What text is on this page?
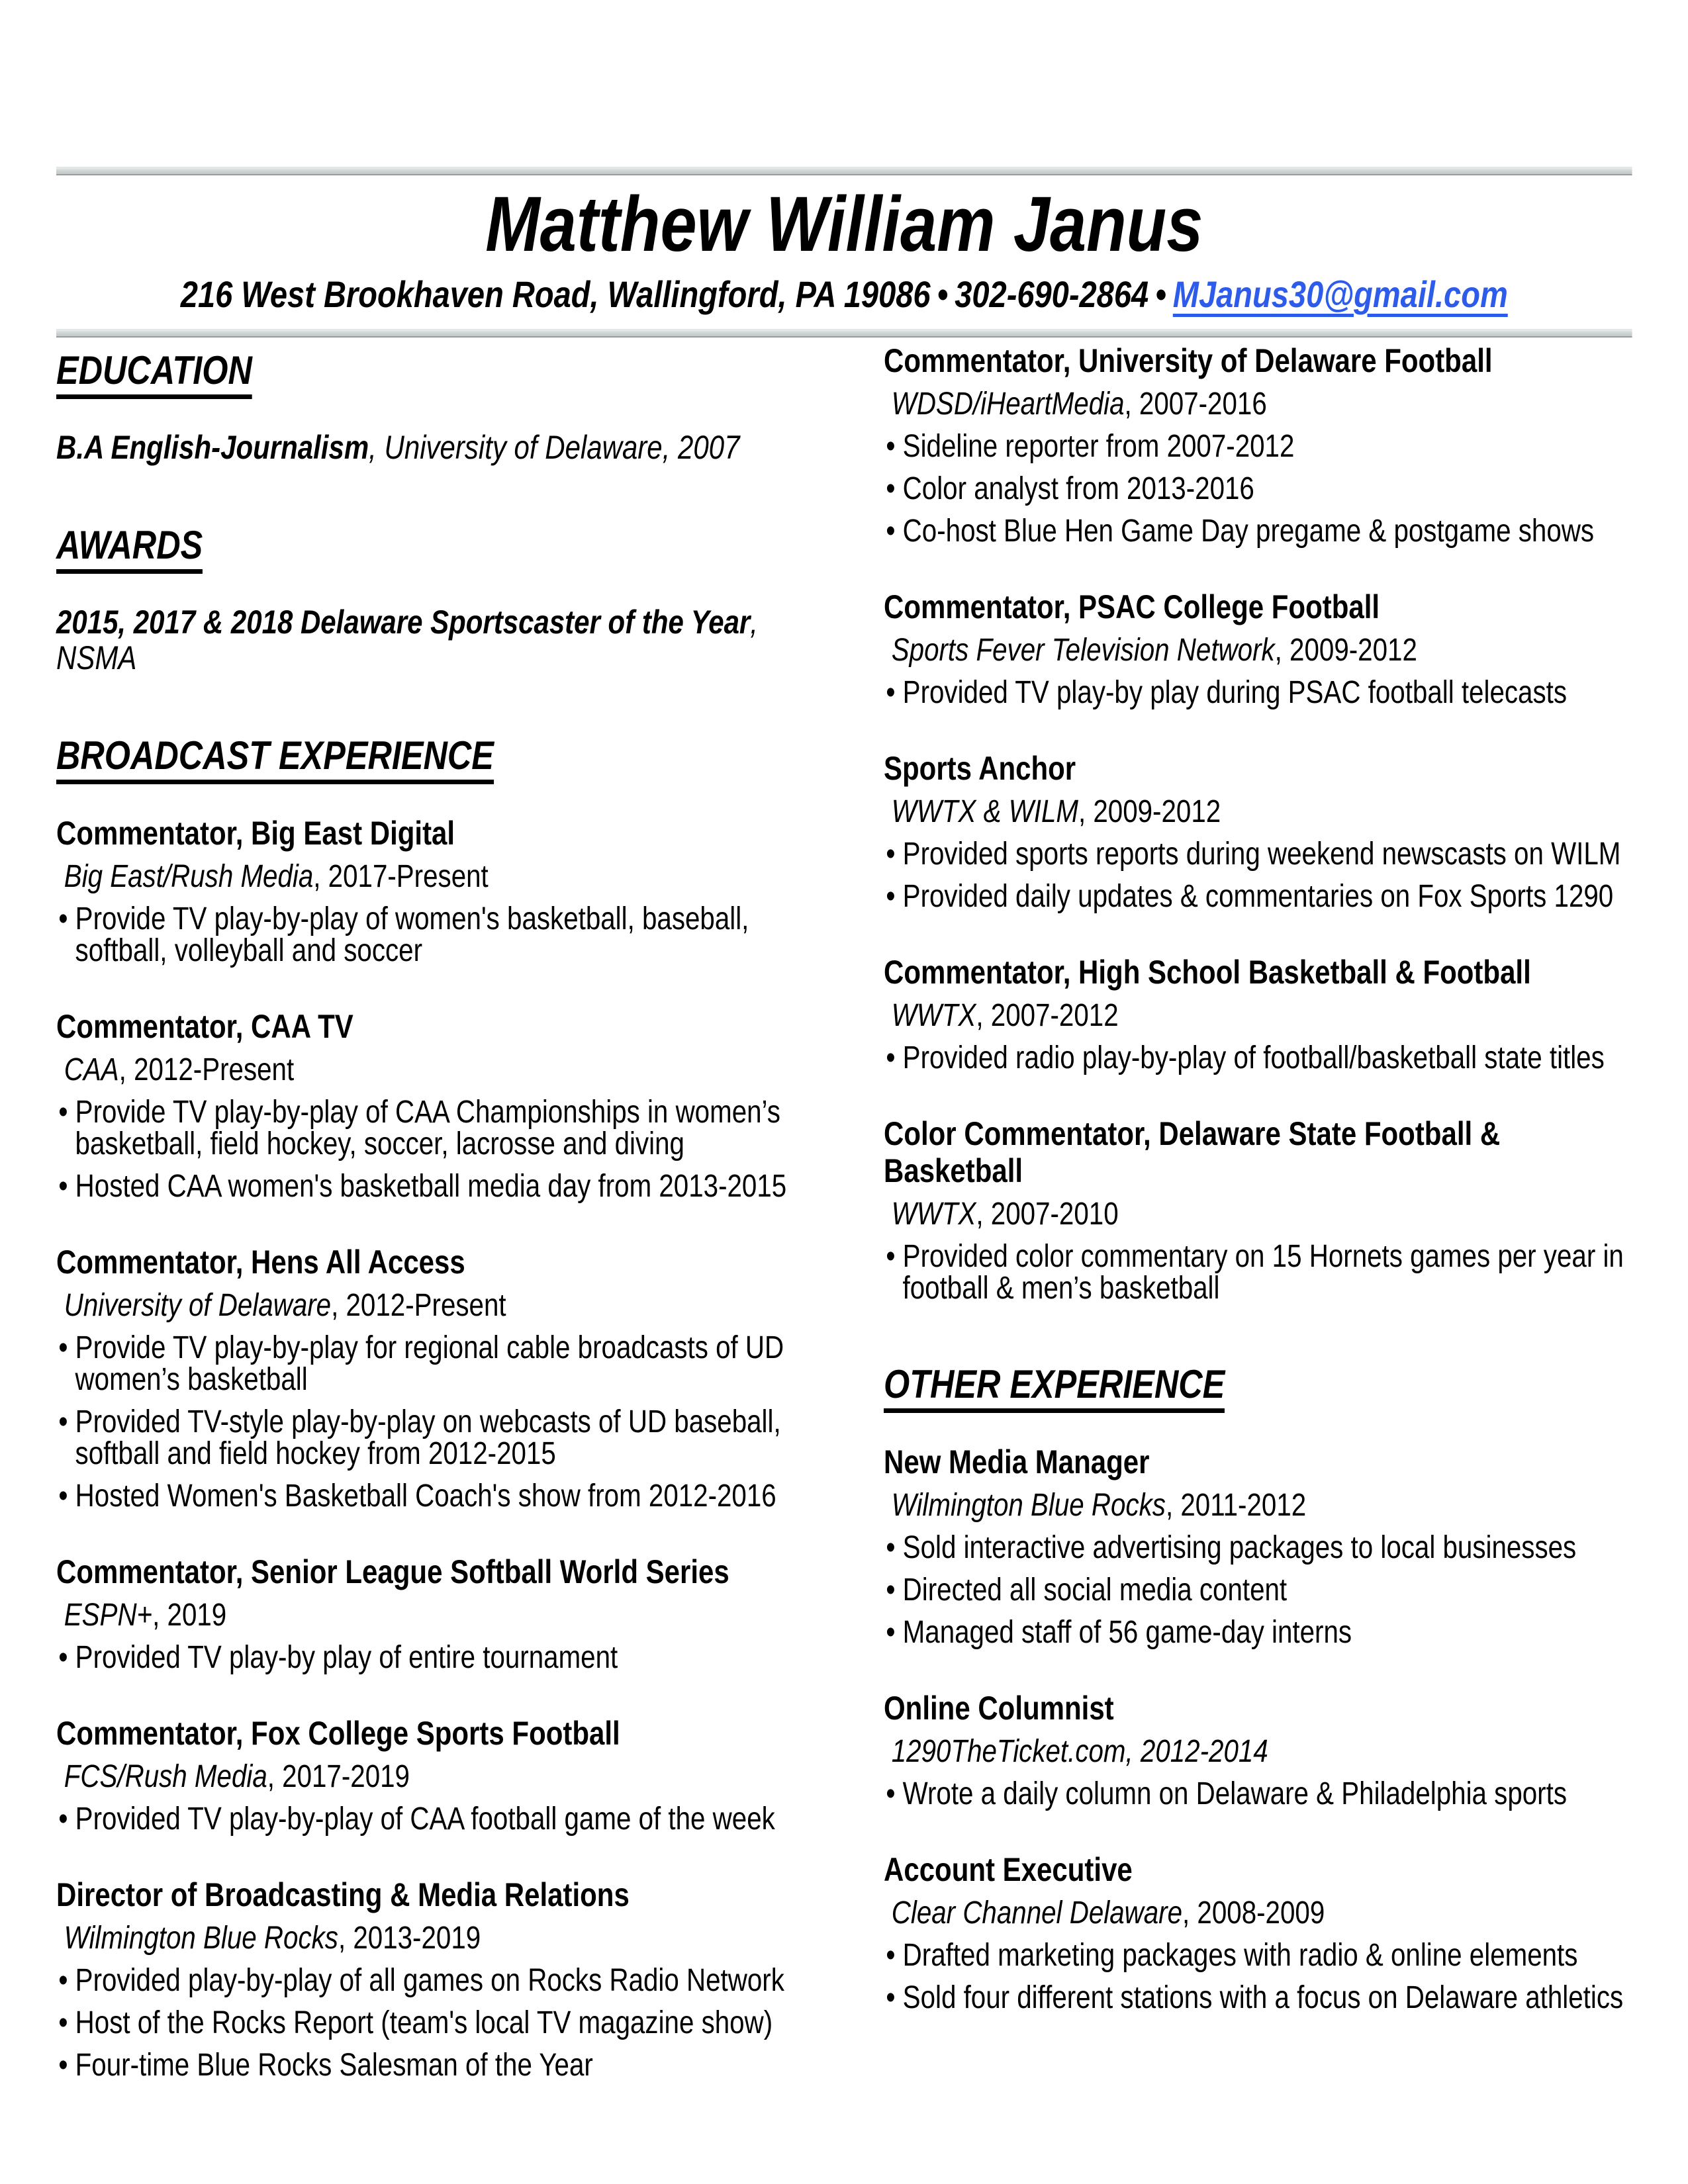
Matthew William Janus
216 West Brookhaven Road, Wallingford, PA 19086 • 302-690-2864 • MJanus30@gmail.com
EDUCATION
B.A English-Journalism, University of Delaware, 2007
AWARDS
2015, 2017 & 2018 Delaware Sportscaster of the Year, NSMA
BROADCAST EXPERIENCE
Commentator, Big East Digital
Big East/Rush Media, 2017-Present
• Provide TV play-by-play of women's basketball, baseball, softball, volleyball and soccer
Commentator, CAA TV
CAA, 2012-Present
• Provide TV play-by-play of CAA Championships in women’s basketball, field hockey, soccer, lacrosse and diving
• Hosted CAA women's basketball media day from 2013-2015
Commentator, Hens All Access
University of Delaware, 2012-Present
• Provide TV play-by-play for regional cable broadcasts of UD women’s basketball
• Provided TV-style play-by-play on webcasts of UD baseball, softball and field hockey from 2012-2015
• Hosted Women's Basketball Coach's show from 2012-2016
Commentator, Senior League Softball World Series
ESPN+, 2019
• Provided TV play-by play of entire tournament
Commentator, Fox College Sports Football
FCS/Rush Media, 2017-2019
• Provided TV play-by-play of CAA football game of the week
Director of Broadcasting & Media Relations
Wilmington Blue Rocks, 2013-2019
• Provided play-by-play of all games on Rocks Radio Network
• Host of the Rocks Report (team's local TV magazine show)
• Four-time Blue Rocks Salesman of the Year
Commentator, University of Delaware Football
WDSD/iHeartMedia, 2007-2016
• Sideline reporter from 2007-2012
• Color analyst from 2013-2016
• Co-host Blue Hen Game Day pregame & postgame shows
Commentator, PSAC College Football
Sports Fever Television Network, 2009-2012
• Provided TV play-by play during PSAC football telecasts
Sports Anchor
WWTX & WILM, 2009-2012
• Provided sports reports during weekend newscasts on WILM
• Provided daily updates & commentaries on Fox Sports 1290
Commentator, High School Basketball & Football
WWTX, 2007-2012
• Provided radio play-by-play of football/basketball state titles
Color Commentator, Delaware State Football & Basketball
WWTX, 2007-2010
• Provided color commentary on 15 Hornets games per year in football & men’s basketball
OTHER EXPERIENCE
New Media Manager
Wilmington Blue Rocks, 2011-2012
• Sold interactive advertising packages to local businesses
• Directed all social media content
• Managed staff of 56 game-day interns
Online Columnist
1290TheTicket.com, 2012-2014
• Wrote a daily column on Delaware & Philadelphia sports
Account Executive
Clear Channel Delaware, 2008-2009
• Drafted marketing packages with radio & online elements
• Sold four different stations with a focus on Delaware athletics
